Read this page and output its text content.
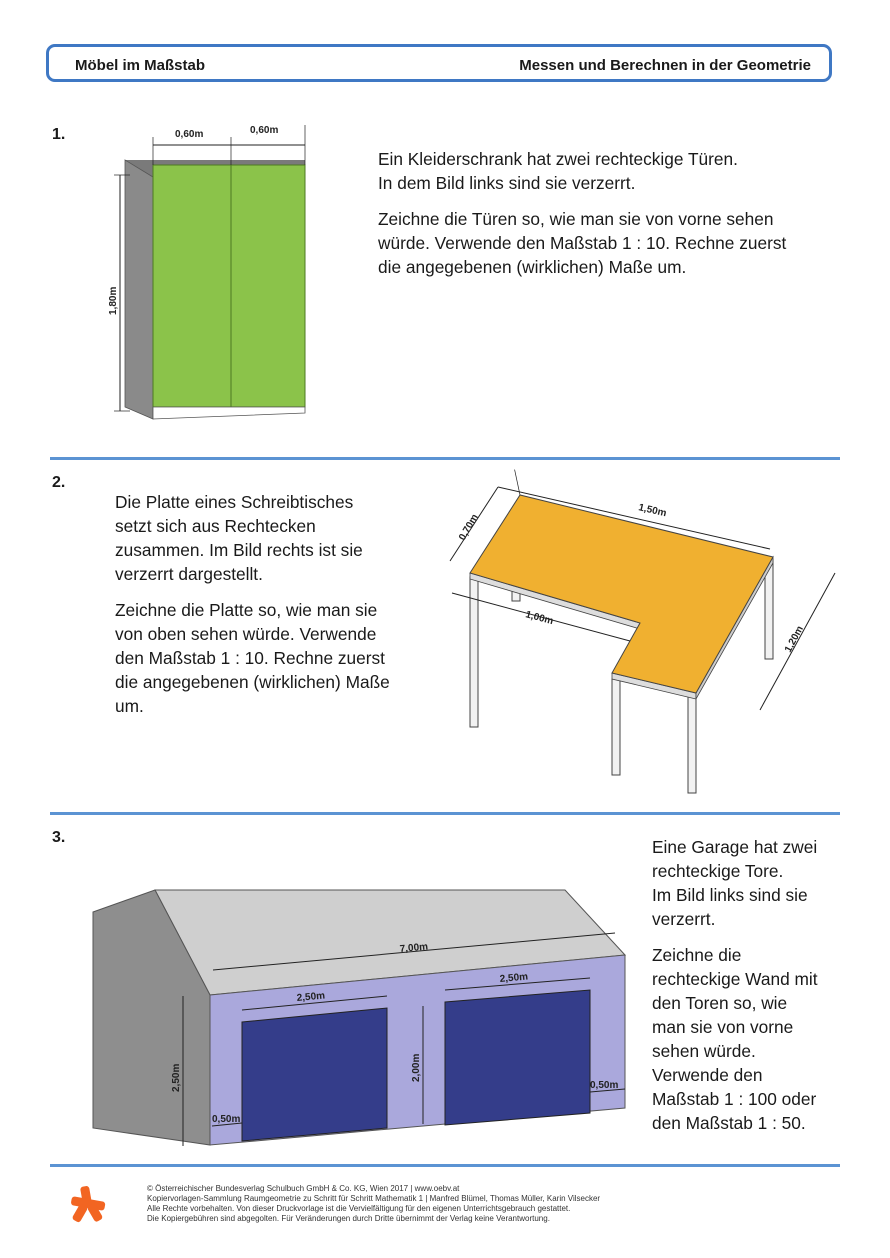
Möbel im Maßstab	Messen und Berechnen in der Geometrie
1.	0,60m	0,60m
1,80m

Ein Kleiderschrank hat zwei rechteckige Türen.
In dem Bild links sind sie verzerrt.

Zeichne die Türen so, wie man sie von vorne sehen
würde. Verwende den Maßstab 1 : 10. Rechne zuerst
die angegebenen (wirklichen) Maße um.

2.

Die Platte eines Schreibtisches
setzt sich aus Rechtecken
zusammen. Im Bild rechts ist sie
verzerrt dargestellt.

Zeichne die Platte so, wie man sie
von oben sehen würde. Verwende
den Maßstab 1 : 10. Rechne zuerst
die angegebenen (wirklichen) Maße
um.

1,50m
0,70m
1,00m
1,20m
3.
7,00m
2,50m
2,50m
2,50m	2,00m
0,50m
0,50m

Eine Garage hat zwei
rechteckige Tore.
Im Bild links sind sie
verzerrt.

Zeichne die
rechteckige Wand mit
den Toren so, wie
man sie von vorne
sehen würde.
Verwende den
Maßstab 1 : 100 oder
den Maßstab 1 : 50.

© Österreichischer Bundesverlag Schulbuch GmbH & Co. KG, Wien 2017 | www.oebv.at
Kopiervorlagen-Sammlung Raumgeometrie zu Schritt für Schritt Mathematik 1 | Manfred Blümel, Thomas Müller, Karin Vilsecker
Alle Rechte vorbehalten. Von dieser Druckvorlage ist die Vervielfältigung für den eigenen Unterrichtsgebrauch gestattet.
Die Kopiergebühren sind abgegolten. Für Veränderungen durch Dritte übernimmt der Verlag keine Verantwortung.
